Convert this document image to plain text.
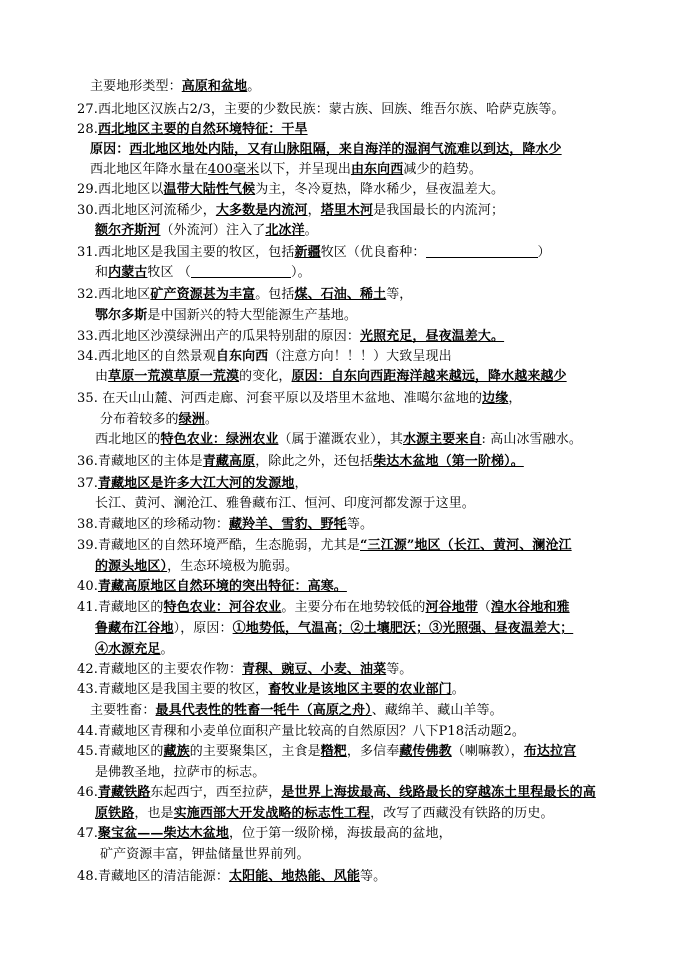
主要地形类型：高原和盆地。
27.西北地区汉族占2/3，主要的少数民族：蒙古族、回族、维吾尔族、哈萨克族等。
28.西北地区主要的自然环境特征：干旱
原因：西北地区地处内陆，又有山脉阻隔，来自海洋的湿润气流难以到达，降水少
西北地区年降水量在400毫米以下，并呈现出由东向西减少的趋势。
29.西北地区以温带大陆性气候为主，冬冷夏热，降水稀少，昼夜温差大。
30.西北地区河流稀少，大多数是内流河，塔里木河是我国最长的内流河；
额尔齐斯河（外流河）注入了北冰洋。
31.西北地区是我国主要的牧区，包括新疆牧区（优良畜种：	）
和内蒙古牧区 （	）。
32.西北地区矿产资源甚为丰富。包括煤、石油、稀土等，
鄂尔多斯是中国新兴的特大型能源生产基地。
33.西北地区沙漠绿洲出产的瓜果特别甜的原因：光照充足，昼夜温差大。
34.西北地区的自然景观自东向西（注意方向！！！）大致呈现出
由草原一荒漠草原一荒漠的变化，原因：自东向西距海洋越来越远，降水越来越少
35. 在天山山麓、河西走廊、河套平原以及塔里木盆地、准噶尔盆地的边缘，
分布着较多的绿洲。
西北地区的特色农业：绿洲农业（属于灌溉农业），其水源主要来自: 高山冰雪融水。
36.青藏地区的主体是青藏高原，除此之外，还包括柴达木盆地（第一阶梯）。
37.青藏地区是许多大江大河的发源地，
长江、黄河、澜沧江、雅鲁藏布江、恒河、印度河都发源于这里。
38.青藏地区的珍稀动物：藏羚羊、雪豹、野牦等。
39.青藏地区的自然环境严酷，生态脆弱，尤其是“三江源”地区（长江、黄河、澜沧江
的源头地区），生态环境极为脆弱。
40.青藏高原地区自然环境的突出特征：高寒。
41.青藏地区的特色农业：河谷农业。主要分布在地势较低的河谷地带（湟水谷地和雅
鲁藏布江谷地），原因：①地势低，气温高；②土壤肥沃；③光照强、昼夜温差大；
④水源充足。
42.青藏地区的主要农作物：青稞、豌豆、小麦、油菜等。
43.青藏地区是我国主要的牧区，畜牧业是该地区主要的农业部门。
主要牲畜：最具代表性的牲畜一牦牛（高原之舟）、藏绵羊、藏山羊等。
44.青藏地区青稞和小麦单位面积产量比较高的自然原因？八下P18活动题2。
45.青藏地区的藏族的主要聚集区，主食是糌粑，多信奉藏传佛教（喇嘛教），布达拉宫
是佛教圣地，拉萨市的标志。
46.青藏铁路东起西宁，西至拉萨，是世界上海拔最高、线路最长的穿越冻土里程最长的高
原铁路，也是实施西部大开发战略的标志性工程，改写了西藏没有铁路的历史。
47.聚宝盆——柴达木盆地，位于第一级阶梯，海拔最高的盆地，
矿产资源丰富，钾盐储量世界前列。
48.青藏地区的清洁能源：太阳能、地热能、风能等。
